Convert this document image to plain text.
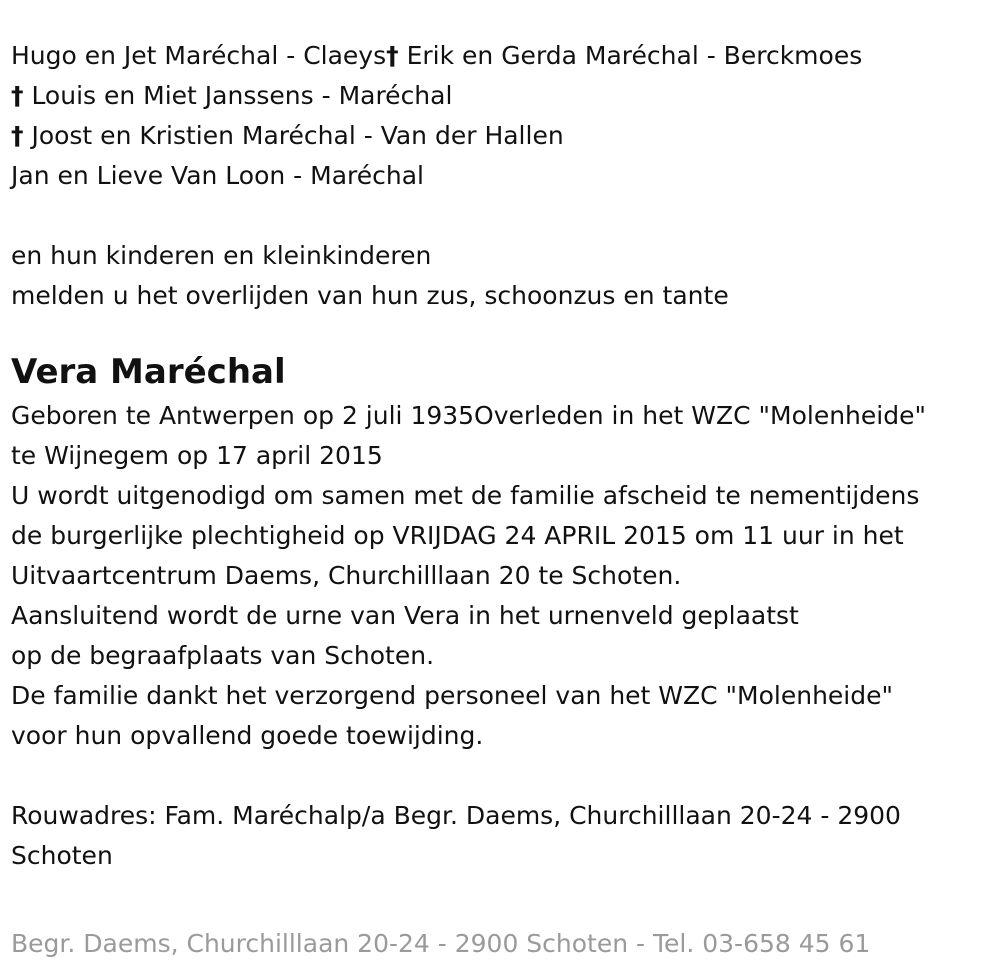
Hugo en Jet Maréchal - Claeys† Erik en Gerda Maréchal - Berckmoes
† Louis en Miet Janssens - Maréchal
† Joost en Kristien Maréchal - Van der Hallen
Jan en Lieve Van Loon - Maréchal
en hun kinderen en kleinkinderen
melden u het overlijden van hun zus, schoonzus en tante
Vera Maréchal
Geboren te Antwerpen op 2 juli 1935Overleden in het WZC "Molenheide"
te Wijnegem op 17 april 2015
U wordt uitgenodigd om samen met de familie afscheid te nementijdens
de burgerlijke plechtigheid op VRIJDAG 24 APRIL 2015 om 11 uur in het
Uitvaartcentrum Daems, Churchilllaan 20 te Schoten.
Aansluitend wordt de urne van Vera in het urnenveld geplaatst
op de begraafplaats van Schoten.
De familie dankt het verzorgend personeel van het WZC "Molenheide"
voor hun opvallend goede toewijding.
Rouwadres: Fam. Maréchalp/a Begr. Daems, Churchilllaan 20-24 - 2900
Schoten
Begr. Daems, Churchilllaan 20-24 - 2900 Schoten - Tel. 03-658 45 61
